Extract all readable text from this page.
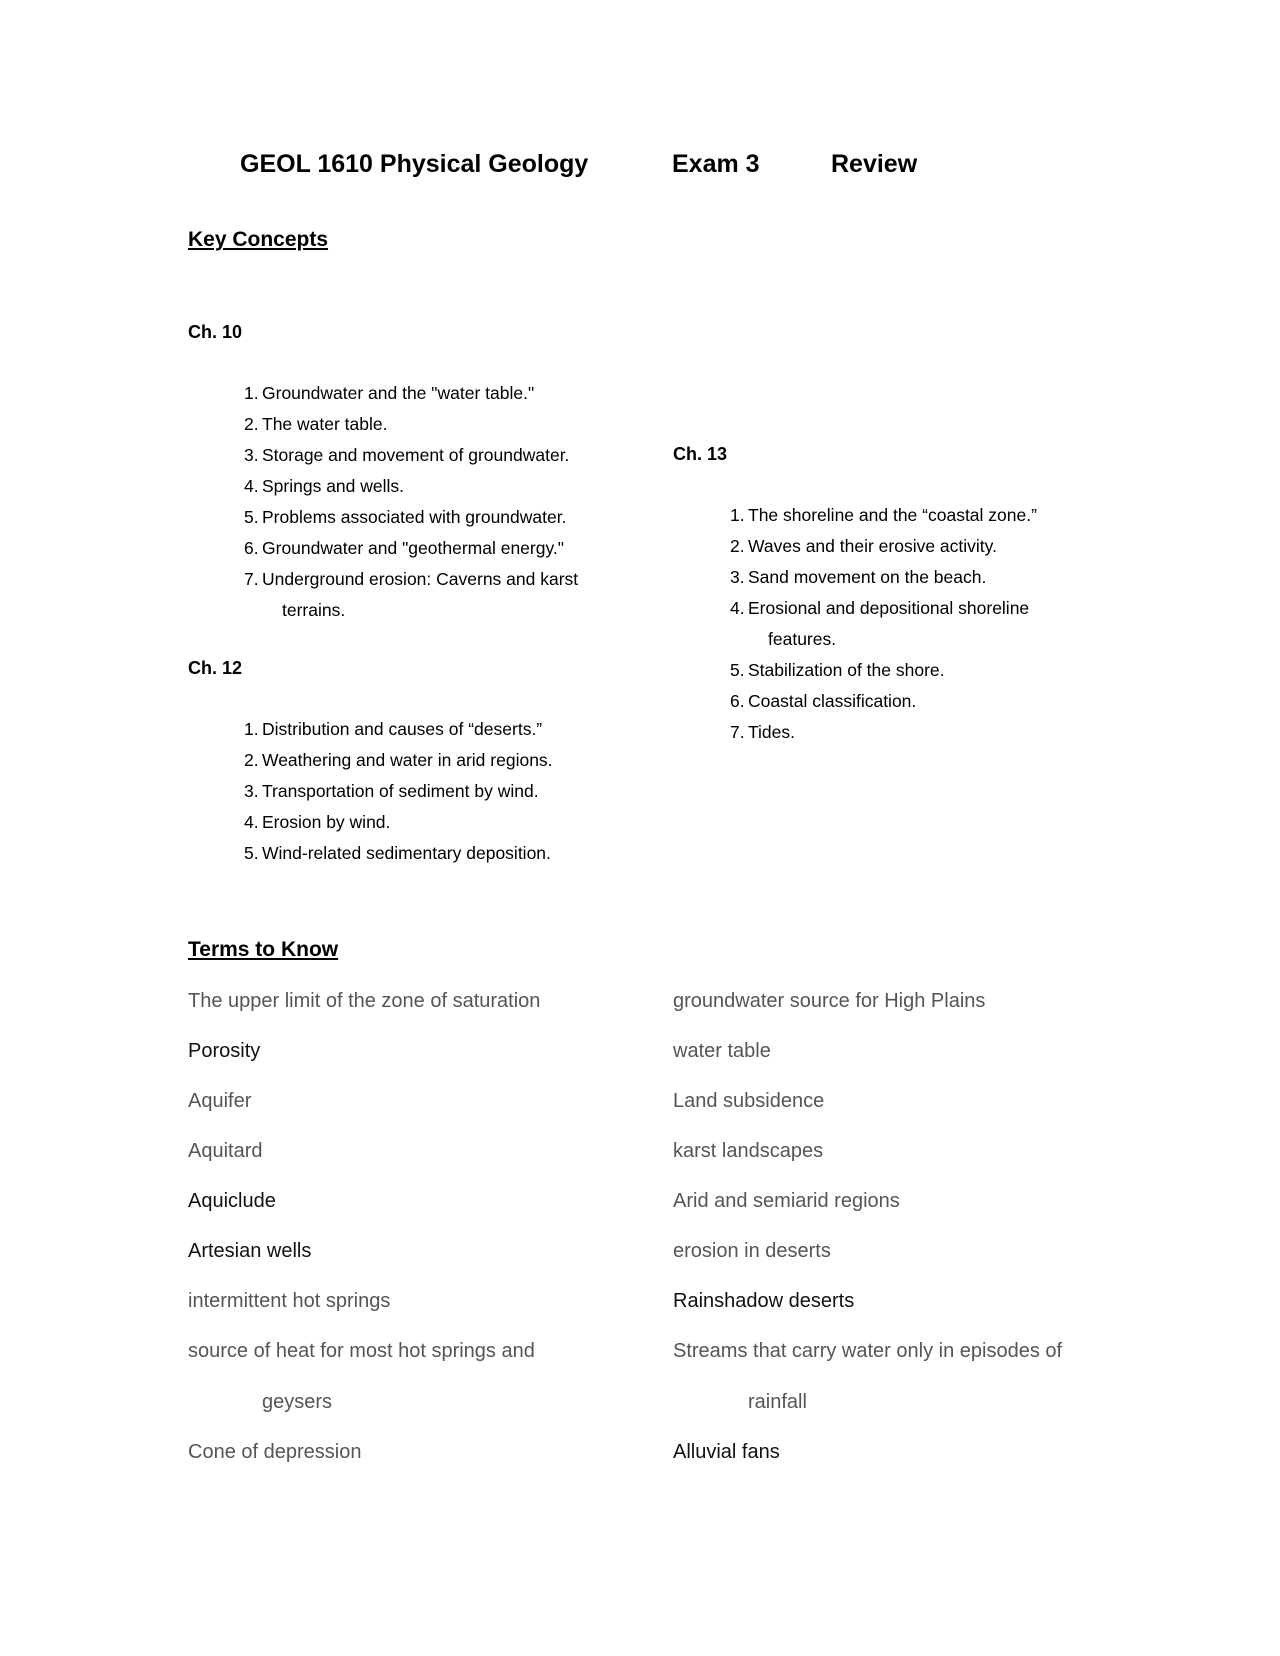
GEOL 1610 Physical Geology	Exam 3	Review
Key Concepts
Ch. 10
1. Groundwater and the "water table."
2. The water table.
3. Storage and movement of groundwater.
4. Springs and wells.
5. Problems associated with groundwater.
6. Groundwater and "geothermal energy."
7. Underground erosion: Caverns and karst
terrains.
Ch. 12
1. Distribution and causes of “deserts.”
2. Weathering and water in arid regions.
3. Transportation of sediment by wind.
4. Erosion by wind.
5. Wind-related sedimentary deposition.
Ch. 13
1. The shoreline and the “coastal zone.”
2. Waves and their erosive activity.
3. Sand movement on the beach.
4. Erosional and depositional shoreline
features.
5. Stabilization of the shore.
6. Coastal classification.
7. Tides.
Terms to Know
The upper limit of the zone of saturation
Porosity
Aquifer
Aquitard
Aquiclude
Artesian wells
intermittent hot springs
source of heat for most hot springs and
geysers
Cone of depression
groundwater source for High Plains
water table
Land subsidence
karst landscapes
Arid and semiarid regions
erosion in deserts
Rainshadow deserts
Streams that carry water only in episodes of
rainfall
Alluvial fans
